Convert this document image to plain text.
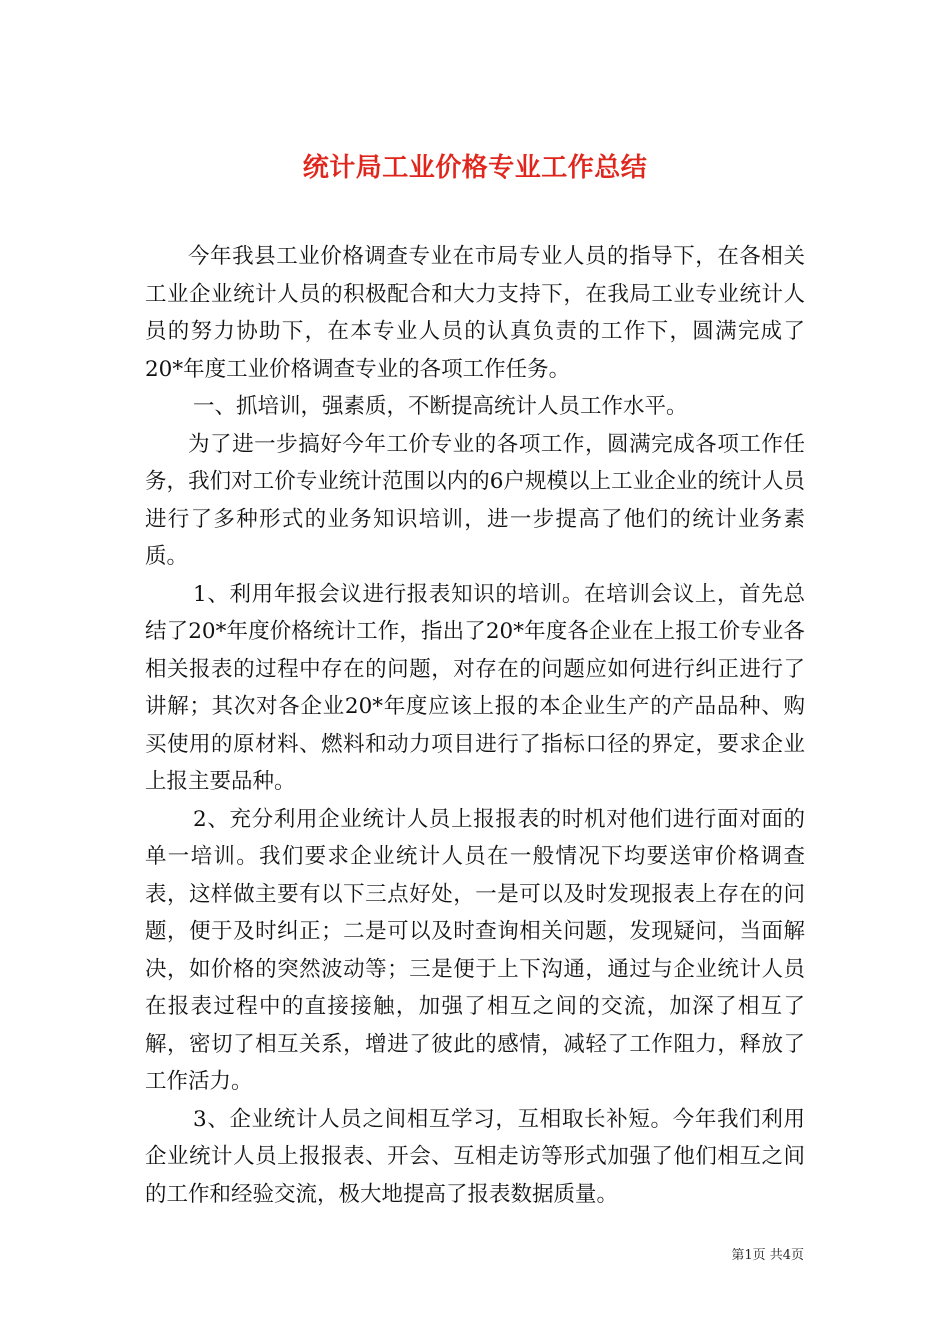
统计局工业价格专业工作总结

今年我县工业价格调查专业在市局专业人员的指导下，在各相关工业企业统计人员的积极配合和大力支持下，在我局工业专业统计人员的努力协助下，在本专业人员的认真负责的工作下，圆满完成了20*年度工业价格调查专业的各项工作任务。

一、抓培训，强素质，不断提高统计人员工作水平。

为了进一步搞好今年工价专业的各项工作，圆满完成各项工作任务，我们对工价专业统计范围以内的6户规模以上工业企业的统计人员进行了多种形式的业务知识培训，进一步提高了他们的统计业务素质。

1、利用年报会议进行报表知识的培训。在培训会议上，首先总结了20*年度价格统计工作，指出了20*年度各企业在上报工价专业各相关报表的过程中存在的问题，对存在的问题应如何进行纠正进行了讲解；其次对各企业20*年度应该上报的本企业生产的产品品种、购买使用的原材料、燃料和动力项目进行了指标口径的界定，要求企业上报主要品种。

2、充分利用企业统计人员上报报表的时机对他们进行面对面的单一培训。我们要求企业统计人员在一般情况下均要送审价格调查表，这样做主要有以下三点好处，一是可以及时发现报表上存在的问题，便于及时纠正；二是可以及时查询相关问题，发现疑问，当面解决，如价格的突然波动等；三是便于上下沟通，通过与企业统计人员在报表过程中的直接接触，加强了相互之间的交流，加深了相互了解，密切了相互关系，增进了彼此的感情，减轻了工作阻力，释放了工作活力。

3、企业统计人员之间相互学习，互相取长补短。今年我们利用企业统计人员上报报表、开会、互相走访等形式加强了他们相互之间的工作和经验交流，极大地提高了报表数据质量。

第1页 共4页
